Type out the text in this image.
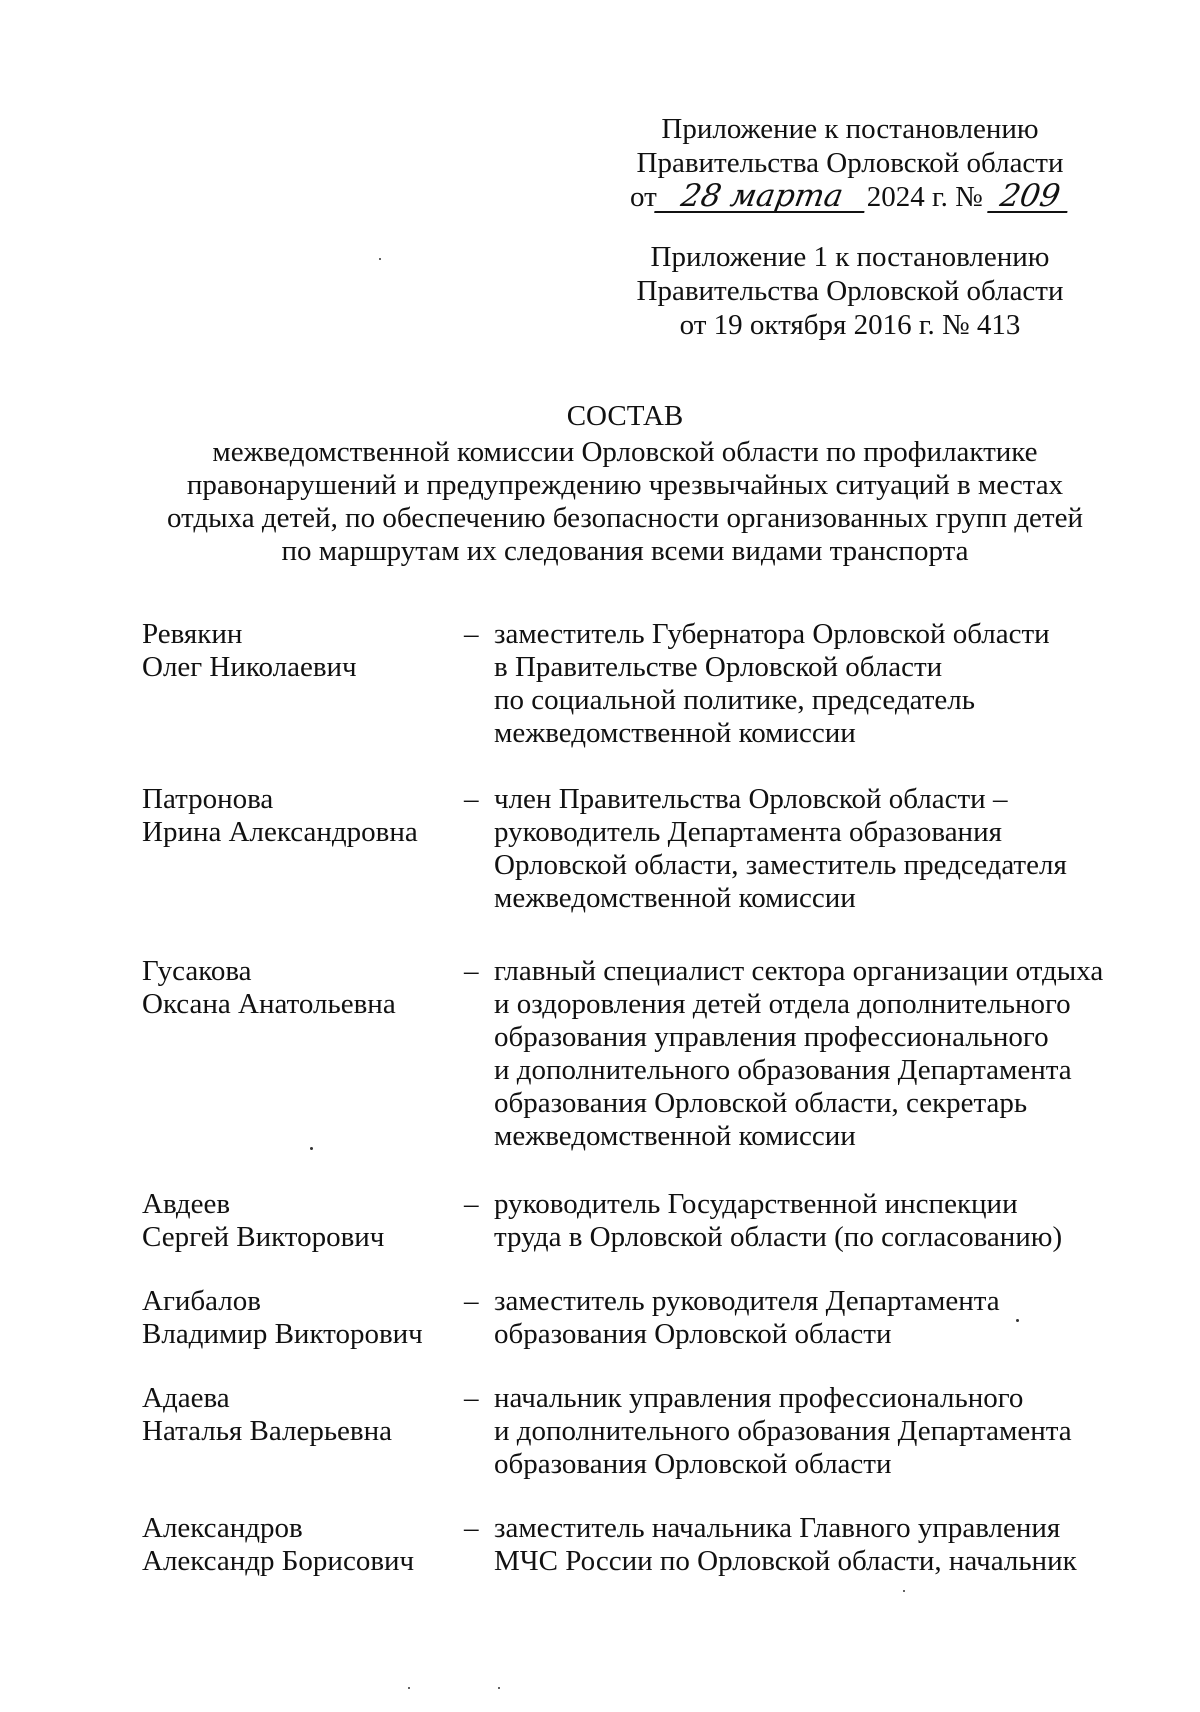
Приложение к постановлению
Правительства Орловской области
от 28 марта 2024 г. № 209
Приложение 1 к постановлению
Правительства Орловской области
от 19 октября 2016 г. № 413
СОСТАВ
межведомственной комиссии Орловской области по профилактике
правонарушений и предупреждению чрезвычайных ситуаций в местах
отдыха детей, по обеспечению безопасности организованных групп детей
по маршрутам их следования всеми видами транспорта
Ревякин
Олег Николаевич
– заместитель Губернатора Орловской области
в Правительстве Орловской области
по социальной политике, председатель
межведомственной комиссии
Патронова
Ирина Александровна
– член Правительства Орловской области –
руководитель Департамента образования
Орловской области, заместитель председателя
межведомственной комиссии
Гусакова
Оксана Анатольевна
– главный специалист сектора организации отдыха
и оздоровления детей отдела дополнительного
образования управления профессионального
и дополнительного образования Департамента
образования Орловской области, секретарь
межведомственной комиссии
Авдеев
Сергей Викторович
– руководитель Государственной инспекции
труда в Орловской области (по согласованию)
Агибалов
Владимир Викторович
– заместитель руководителя Департамента
образования Орловской области
Адаева
Наталья Валерьевна
– начальник управления профессионального
и дополнительного образования Департамента
образования Орловской области
Александров
Александр Борисович
– заместитель начальника Главного управления
МЧС России по Орловской области, начальник
